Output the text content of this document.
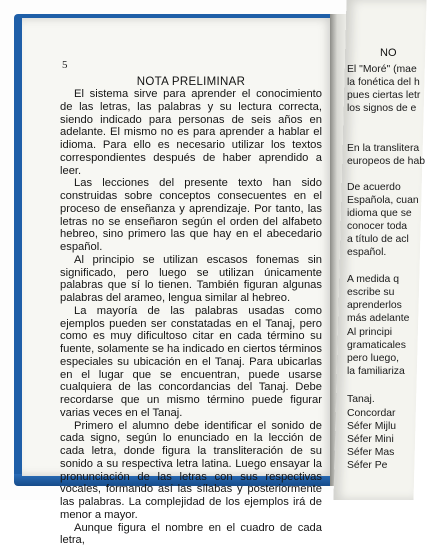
5
NOTA PRELIMINAR

El sistema sirve para aprender el conocimiento de las letras, las palabras y su lectura correcta, siendo indicado para personas de seis años en adelante. El mismo no es para aprender a hablar el idioma. Para ello es necesario utilizar los textos correspondientes después de haber aprendido a leer.

Las lecciones del presente texto han sido construidas sobre conceptos consecuentes en el proceso de enseñanza y aprendizaje. Por tanto, las letras no se enseñaron según el orden del alfabeto hebreo, sino primero las que hay en el abecedario español.

Al principio se utilizan escasos fonemas sin significado, pero luego se utilizan únicamente palabras que sí lo tienen. También figuran algunas palabras del arameo, lengua similar al hebreo.

La mayoría de las palabras usadas como ejemplos pueden ser constatadas en el Tanaj, pero como es muy dificultoso citar en cada término su fuente, solamente se ha indicado en ciertos términos especiales su ubicación en el Tanaj. Para ubicarlas en el lugar que se encuentran, puede usarse cualquiera de las concordancias del Tanaj. Debe recordarse que un mismo término puede figurar varias veces en el Tanaj.

Primero el alumno debe identificar el sonido de cada signo, según lo enunciado en la lección de cada letra, donde figura la transliteración de su sonido a su respectiva letra latina. Luego ensayar la pronunciación de las letras con sus respectivas vocales, formando así las sílabas y posteriormente las palabras. La complejidad de los ejemplos irá de menor a mayor.

Aunque figura el nombre en el cuadro de cada letra,

NO
El "Moré" (mae
la fonética del h
pues ciertas letr
los signos de e
En la translitera
europeos de hab
De acuerdo
Española, cuan
idioma que se
conocer toda
a título de acl
español.
A medida q
escribe su
aprenderlos
más adelante
Al principi
gramaticales
pero luego,
la familiariza
Tanaj.
Concordar
Séfer Mijlu
Séfer Mini
Séfer Mas
Séfer Pe
